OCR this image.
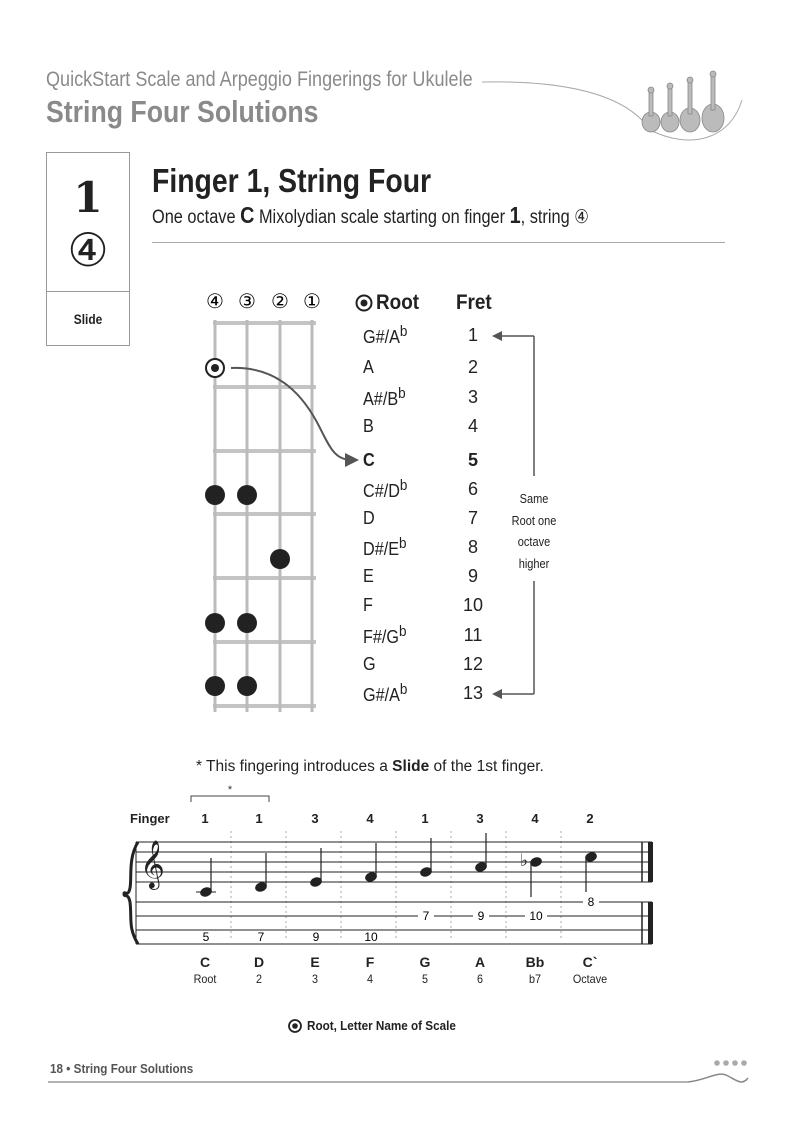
QuickStart Scale and Arpeggio Fingerings for Ukulele
String Four Solutions
1
④
Slide
Finger 1, String Four
One octave C Mixolydian scale starting on finger 1, string ④
④ ③ ② ①	Root Fret
$G\#/A^b$	1
A	2
$A\#/B^b$	3
B	4
C	5
$C\#/D^b$	6
D	7
$D\#/E^b$	8
E	9
F	10
$F\#/G^b$	11
G	12
$G\#/A^b$	13
Same
Root one
octave
higher
* This fingering introduces a Slide of the 1st finger.
*
Finger	1	1	3	4	1	3	4	2
𝄞	♭
5	7	9	10
7	9	10
8
C
Root
D
2
E
3
F
4
G
5
A
6
Bb
b7
C`
Octave
Root, Letter Name of Scale
18 • String Four Solutions
